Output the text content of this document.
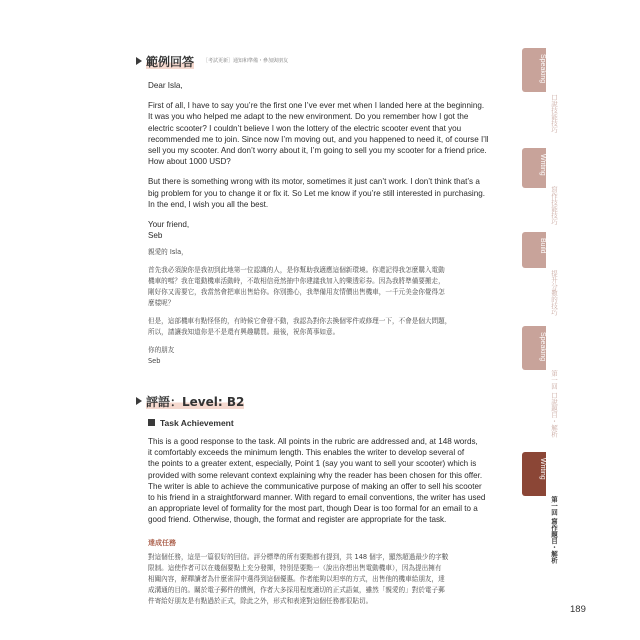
範例回答 ［考試更新］通知和準備・參加與朋友

Dear Isla,

First of all, I have to say you’re the first one I’ve ever met when I landed here at the beginning.
It was you who helped me adapt to the new environment. Do you remember how I got the
electric scooter? I couldn’t believe I won the lottery of the electric scooter event that you
recommended me to join. Since now I’m moving out, and you happened to need it, of course I’ll
sell you my scooter. And don’t worry about it, I’m going to sell you my scooter for a friend price.
How about 1000 USD?

But there is something wrong with its motor, sometimes it just can’t work. I don’t think that’s a
big problem for you to change it or fix it. So Let me know if you’re still interested in purchasing.
In the end, I wish you all the best.

Your friend,
Seb

親愛的 Isla，

首先我必須說你是我初到此地第一位認識的人，是你幫助我適應這個新環境。你還記得我怎麼購入電動
機車的嗎？我在電動機車活動時，不敢相信竟然抽中你建議我加入的樂透彩券。因為我將準備要搬走，
剛好你又需要它，我當然會把車出售給你。你別擔心，我準備用友情價出售機車，一千元美金你覺得怎
麼樣呢？

但是，這部機車有點怪怪的，有時候它會發不動，我認為對你去換個零件或修理一下，不會是個大問題，
所以，請讓我知道你是不是還有興趣購買。最後，祝你萬事如意。

你的朋友
Seb

評語：Level: B2
Task Achievement
This is a good response to the task. All points in the rubric are addressed and, at 148 words,
it comfortably exceeds the minimum length. This enables the writer to develop several of
the points to a greater extent, especially, Point 1 (say you want to sell your scooter) which is
provided with some relevant context explaining why the reader has been chosen for this offer.
The writer is able to achieve the communicative purpose of making an offer to sell his scooter
to his friend in a straightforward manner. With regard to email conventions, the writer has used
an appropriate level of formality for the most part, though Dear is too formal for an email to a
good friend. Otherwise, though, the format and register are appropriate for the task.
達成任務
對這個任務，這是一篇很好的回信。評分標準的所有要點都有提到，共 148 個字，顯然超過最少的字數
限制。這使作者可以在幾個要點上充分發揮，特別是要點一（說出你想出售電動機車），因為提出擁有
相關內容，解釋讀者為什麼雀屏中選得到這個優惠。作者能夠以坦率的方式，出售他的機車給朋友，達
成溝通的目的。關於電子郵件的慣例，作者大多採用程度適切的正式語氣，雖然「親愛的」對於電子郵
件寄給好朋友是有點過於正式，除此之外，形式和表達對這個任務都很貼切。
189
Speaking
口說技能技巧
Writing
寫作技能技巧
Build
提升分數的技巧
Speaking
第一回 口說題目・解析
Writing
第一回 寫作題目・解析
